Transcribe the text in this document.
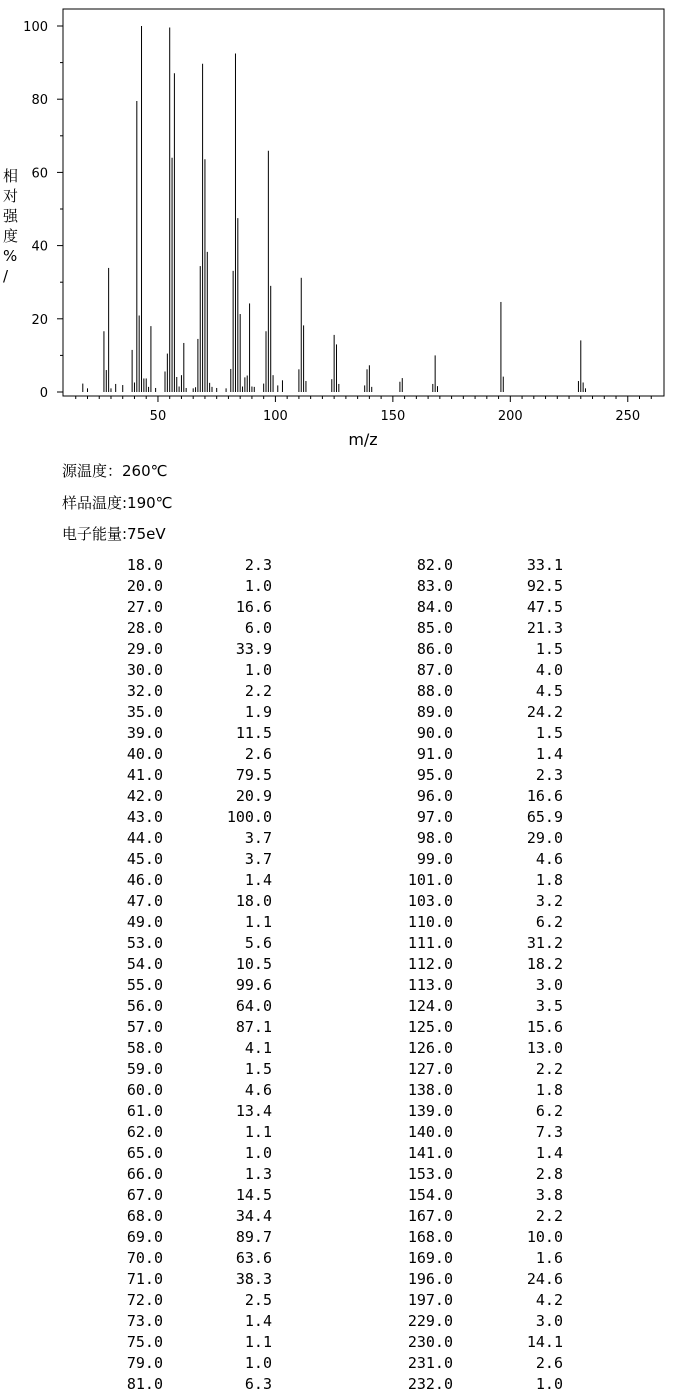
0
20
40
60
80
100
50	100	150	200	250
相对强度% /
m/z
源温度：260℃
样品温度:190℃
电子能量:75eV
18.0	2.3
20.0	1.0
27.0	16.6
28.0	6.0
29.0	33.9
30.0	1.0
32.0	2.2
35.0	1.9
39.0	11.5
40.0	2.6
41.0	79.5
42.0	20.9
43.0	100.0
44.0	3.7
45.0	3.7
46.0	1.4
47.0	18.0
49.0	1.1
53.0	5.6
54.0	10.5
55.0	99.6
56.0	64.0
57.0	87.1
58.0	4.1
59.0	1.5
60.0	4.6
61.0	13.4
62.0	1.1
65.0	1.0
66.0	1.3
67.0	14.5
68.0	34.4
69.0	89.7
70.0	63.6
71.0	38.3
72.0	2.5
73.0	1.4
75.0	1.1
79.0	1.0
81.0	6.3
82.0	33.1
83.0	92.5
84.0	47.5
85.0	21.3
86.0	1.5
87.0	4.0
88.0	4.5
89.0	24.2
90.0	1.5
91.0	1.4
95.0	2.3
96.0	16.6
97.0	65.9
98.0	29.0
99.0	4.6
101.0	1.8
103.0	3.2
110.0	6.2
111.0	31.2
112.0	18.2
113.0	3.0
124.0	3.5
125.0	15.6
126.0	13.0
127.0	2.2
138.0	1.8
139.0	6.2
140.0	7.3
141.0	1.4
153.0	2.8
154.0	3.8
167.0	2.2
168.0	10.0
169.0	1.6
196.0	24.6
197.0	4.2
229.0	3.0
230.0	14.1
231.0	2.6
232.0	1.0
